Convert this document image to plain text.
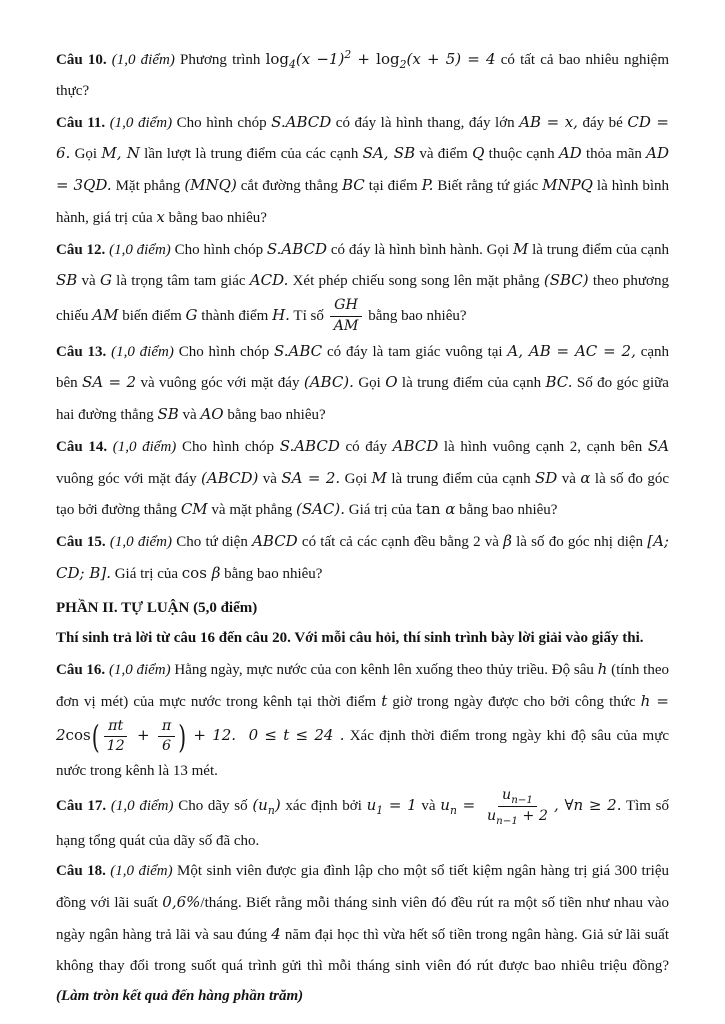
Câu 10. (1,0 điểm) Phương trình $\log_4(x -1)^2 + \log_2(x + 5) = 4$ có tất cả bao nhiêu nghiệm thực?

Câu 11. (1,0 điểm) Cho hình chóp S.ABCD có đáy là hình thang, đáy lớn AB = x, đáy bé CD = 6. Gọi M, N lần lượt là trung điểm của các cạnh SA, SB và điểm Q thuộc cạnh AD thỏa mãn AD = 3QD. Mặt phẳng (MNQ) cắt đường thẳng BC tại điểm P. Biết rằng tứ giác MNPQ là hình bình hành, giá trị của x bằng bao nhiêu?

Câu 12. (1,0 điểm) Cho hình chóp S.ABCD có đáy là hình bình hành. Gọi M là trung điểm của cạnh SB và G là trọng tâm tam giác ACD. Xét phép chiếu song song lên mặt phẳng (SBC) theo phương chiếu AM biến điểm G thành điểm H. Tỉ số $\frac{GH}{AM}$ bằng bao nhiêu?

Câu 13. (1,0 điểm) Cho hình chóp S.ABC có đáy là tam giác vuông tại A, AB = AC = 2, cạnh bên SA = 2 và vuông góc với mặt đáy (ABC). Gọi O là trung điểm của cạnh BC. Số đo góc giữa hai đường thẳng SB và AO bằng bao nhiêu?

Câu 14. (1,0 điểm) Cho hình chóp S.ABCD có đáy ABCD là hình vuông cạnh 2, cạnh bên SA vuông góc với mặt đáy (ABCD) và SA = 2. Gọi M là trung điểm của cạnh SD và α là số đo góc tạo bởi đường thẳng CM và mặt phẳng (SAC). Giá trị của tan α bằng bao nhiêu?

Câu 15. (1,0 điểm) Cho tứ diện ABCD có tất cả các cạnh đều bằng 2 và β là số đo góc nhị diện [A; CD; B]. Giá trị của cos β bằng bao nhiêu?

PHẦN II. TỰ LUẬN (5,0 điểm)

Thí sinh trả lời từ câu 16 đến câu 20. Với mỗi câu hỏi, thí sinh trình bày lời giải vào giấy thi.

Câu 16. (1,0 điểm) Hằng ngày, mực nước của con kênh lên xuống theo thủy triều. Độ sâu h (tính theo đơn vị mét) của mực nước trong kênh tại thời điểm t giờ trong ngày được cho bởi công thức $h = 2\cos( \frac{\pi t}{12} + \frac{\pi}{6}$ ) + 12.  0 ≤ t ≤ 24 . Xác định thời điểm trong ngày khi độ sâu của mực nước trong kênh là 13 mét.

Câu 17. (1,0 điểm) Cho dãy số $(u_n)$ xác định bởi $u_1 = 1$ và $u_n = \frac{u_{n-1}}{u_{n-1} + 2}$ , ∀n ≥ 2. Tìm số hạng tổng quát của dãy số đã cho.

Câu 18. (1,0 điểm) Một sinh viên được gia đình lập cho một sổ tiết kiệm ngân hàng trị giá 300 triệu đồng với lãi suất 0,6%/tháng. Biết rằng mỗi tháng sinh viên đó đều rút ra một số tiền như nhau vào ngày ngân hàng trả lãi và sau đúng 4 năm đại học thì vừa hết số tiền trong ngân hàng. Giả sử lãi suất không thay đổi trong suốt quá trình gửi thì mỗi tháng sinh viên đó rút được bao nhiêu triệu đồng? (Làm tròn kết quả đến hàng phần trăm)
